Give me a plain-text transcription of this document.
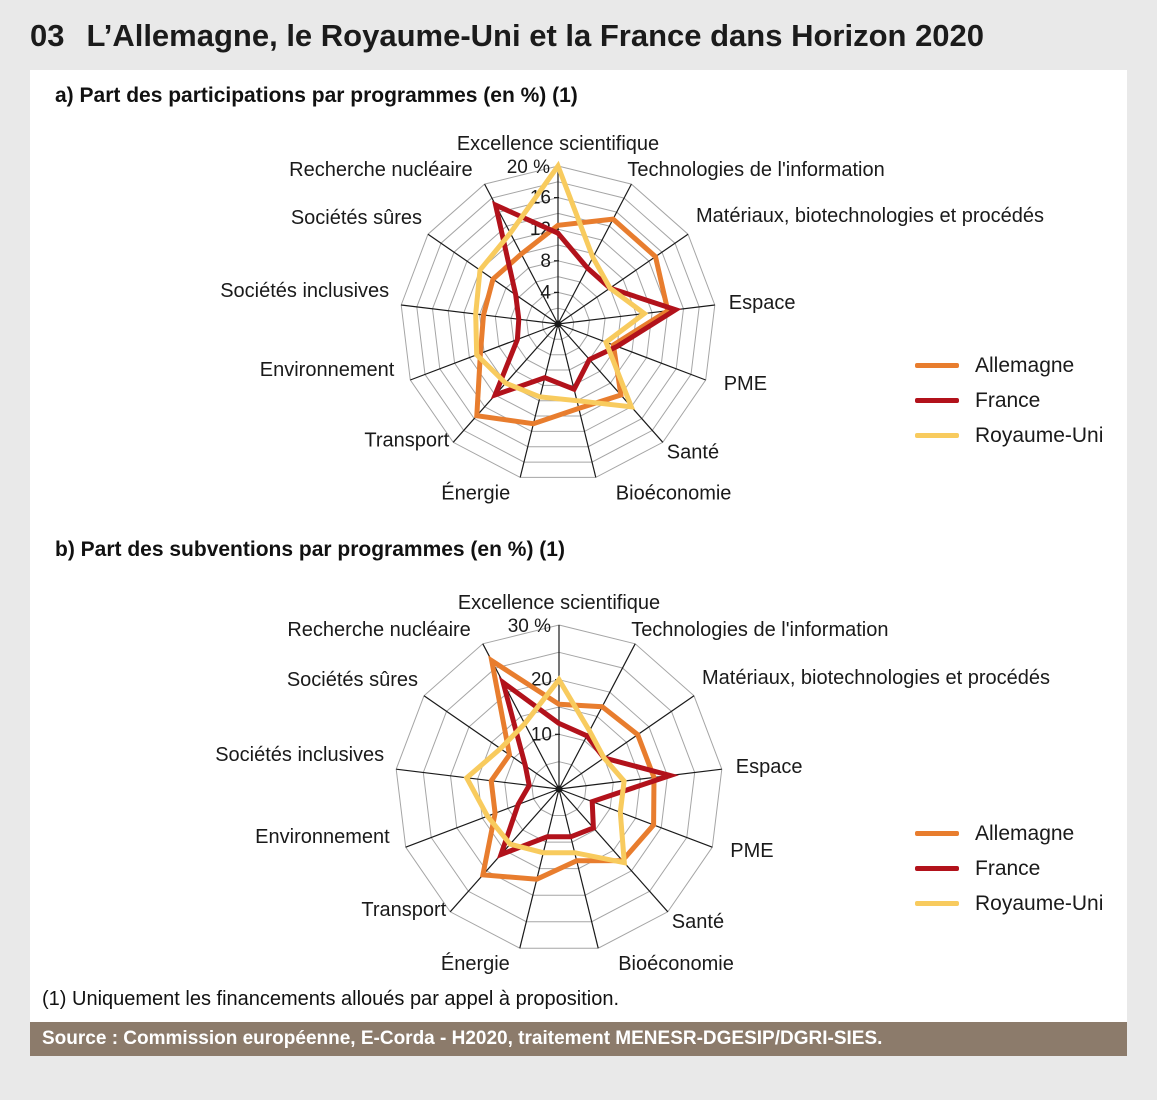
03 L’Allemagne, le Royaume-Uni et la France dans Horizon 2020
a) Part des participations par programmes (en %) (1)
4
8
12
16
20 %
Excellence scientifique
Technologies de l'information
Matériaux, biotechnologies et procédés
Espace
PME
Santé
Bioéconomie
Énergie
Transport
Environnement
Sociétés inclusives
Sociétés sûres
Recherche nucléaire
Allemagne
France
Royaume-Uni
b) Part des subventions par programmes (en %) (1)
10
20
30 %
Excellence scientifique
Technologies de l'information
Matériaux, biotechnologies et procédés
Espace
PME
Santé
Bioéconomie
Énergie
Transport
Environnement
Sociétés inclusives
Sociétés sûres
Recherche nucléaire
Allemagne
France
Royaume-Uni
(1) Uniquement les financements alloués par appel à proposition.
Source : Commission européenne, E-Corda - H2020, traitement MENESR-DGESIP/DGRI-SIES.
